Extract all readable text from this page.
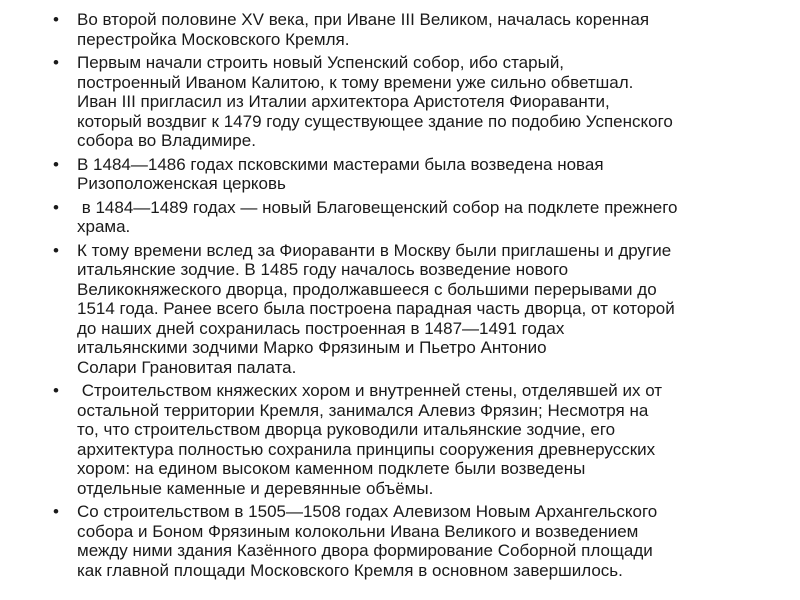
• Во второй половине XV века, при Иване III Великом, началась коренная
перестройка Московского Кремля.
• Первым начали строить новый Успенский собор, ибо старый,
построенный Иваном Калитою, к тому времени уже сильно обветшал.
Иван III пригласил из Италии архитектора Аристотеля Фиораванти,
который воздвиг к 1479 году существующее здание по подобию Успенского
собора во Владимире.
• В 1484—1486 годах псковскими мастерами была возведена новая
Ризоположенская церковь
• в 1484—1489 годах — новый Благовещенский собор на подклете прежнего
храма.
• К тому времени вслед за Фиораванти в Москву были приглашены и другие
итальянские зодчие. В 1485 году началось возведение нового
Великокняжеского дворца, продолжавшееся с большими перерывами до
1514 года. Ранее всего была построена парадная часть дворца, от которой
до наших дней сохранилась построенная в 1487—1491 годах
итальянскими зодчими Марко Фрязиным и Пьетро Антонио
Солари Грановитая палата.
• Строительством княжеских хором и внутренней стены, отделявшей их от
остальной территории Кремля, занимался Алевиз Фрязин; Несмотря на
то, что строительством дворца руководили итальянские зодчие, его
архитектура полностью сохранила принципы сооружения древнерусских
хором: на едином высоком каменном подклете были возведены
отдельные каменные и деревянные объёмы.
• Со строительством в 1505—1508 годах Алевизом Новым Архангельского
собора и Боном Фрязиным колокольни Ивана Великого и возведением
между ними здания Казённого двора формирование Соборной площади
как главной площади Московского Кремля в основном завершилось.
